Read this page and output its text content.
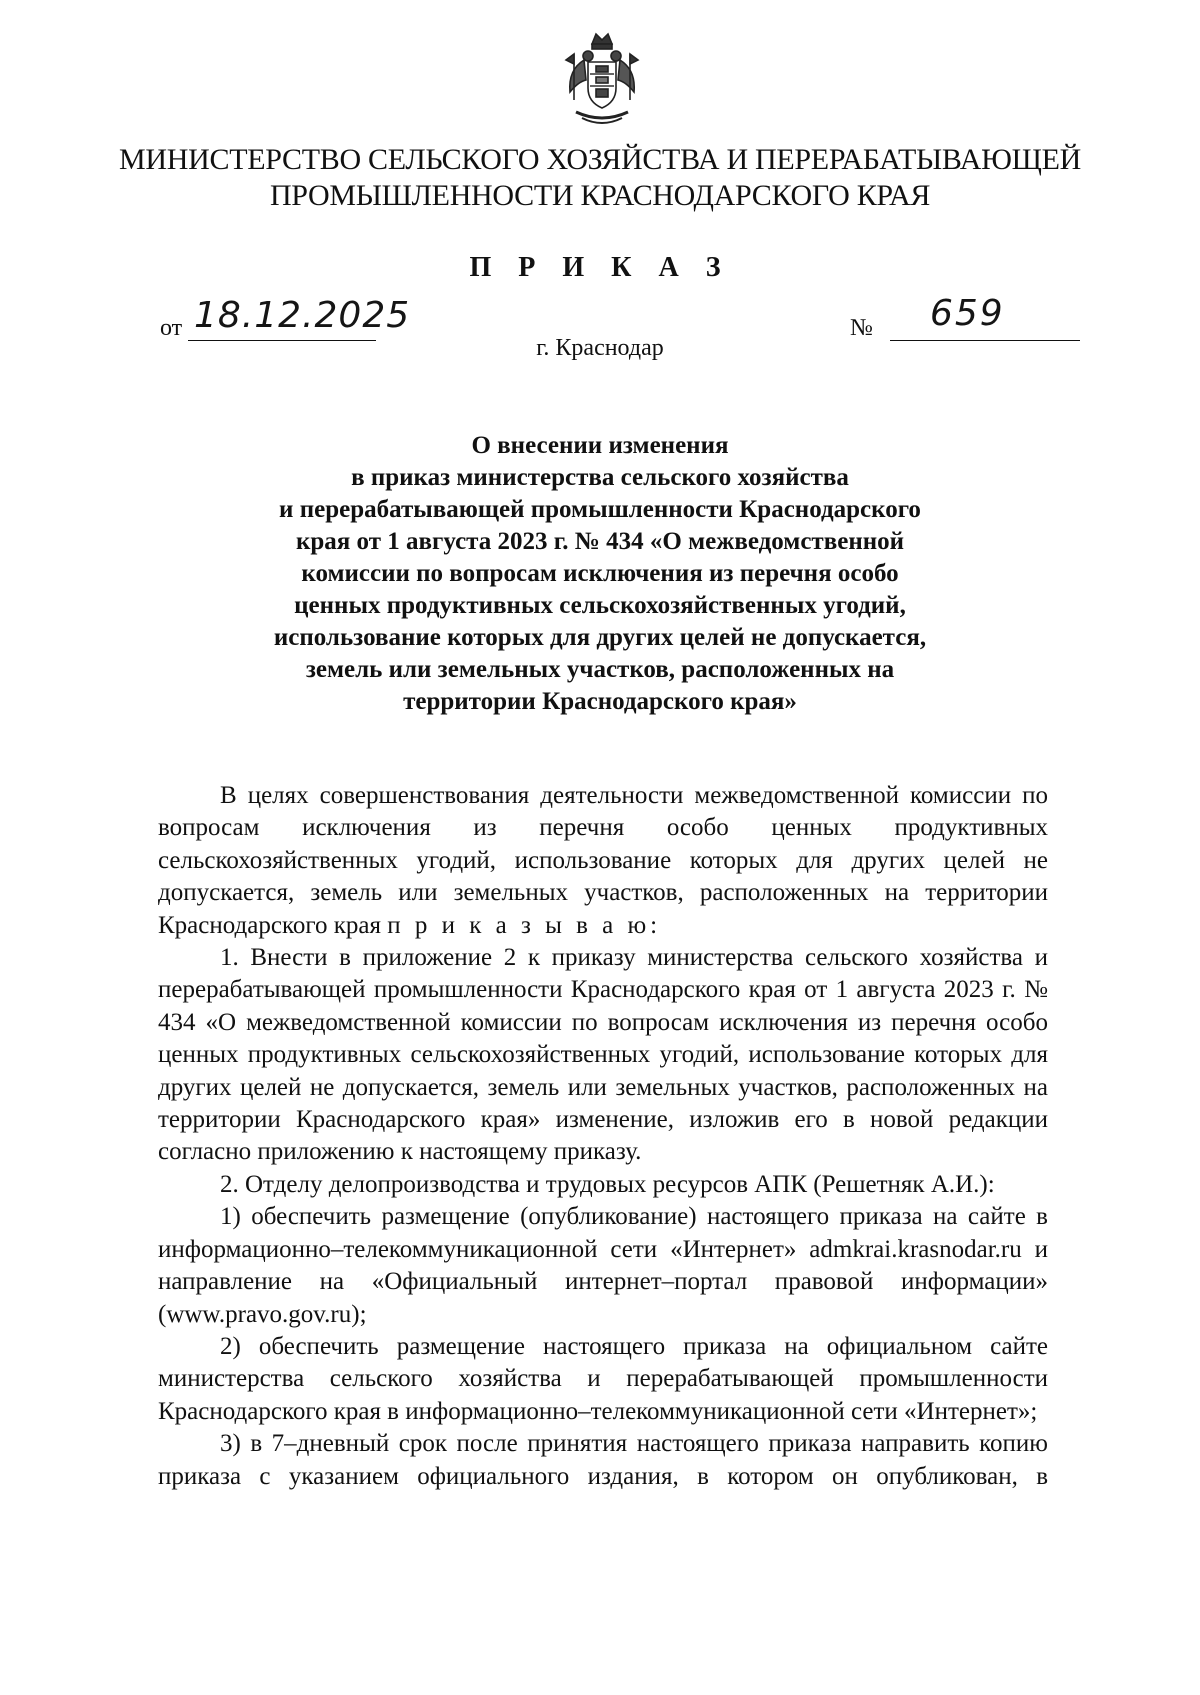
МИНИСТЕРСТВО СЕЛЬСКОГО ХОЗЯЙСТВА И ПЕРЕРАБАТЫВАЮЩЕЙ
ПРОМЫШЛЕННОСТИ КРАСНОДАРСКОГО КРАЯ
П Р И К А З
от 18.12.2025	№ 659
г. Краснодар
О внесении изменения
в приказ министерства сельского хозяйства
и перерабатывающей промышленности Краснодарского
края от 1 августа 2023 г. № 434 «О межведомственной
комиссии по вопросам исключения из перечня особо
ценных продуктивных сельскохозяйственных угодий,
использование которых для других целей не допускается,
земель или земельных участков, расположенных на
территории Краснодарского края»

В целях совершенствования деятельности межведомственной комиссии по вопросам исключения из перечня особо ценных продуктивных сельскохозяйственных угодий, использование которых для других целей не допускается, земель или земельных участков, расположенных на территории Краснодарского края п р и к а з ы в а ю:

1. Внести в приложение 2 к приказу министерства сельского хозяйства и перерабатывающей промышленности Краснодарского края от 1 августа 2023 г. № 434 «О межведомственной комиссии по вопросам исключения из перечня особо ценных продуктивных сельскохозяйственных угодий, использование которых для других целей не допускается, земель или земельных участков, расположенных на территории Краснодарского края» изменение, изложив его в новой редакции согласно приложению к настоящему приказу.

2. Отделу делопроизводства и трудовых ресурсов АПК (Решетняк А.И.):

1) обеспечить размещение (опубликование) настоящего приказа на сайте в информационно–телекоммуникационной сети «Интернет» admkrai.krasnodar.ru и направление на «Официальный интернет–портал правовой информации» (www.pravo.gov.ru);

2) обеспечить размещение настоящего приказа на официальном сайте министерства сельского хозяйства и перерабатывающей промышленности Краснодарского края в информационно–телекоммуникационной сети «Интернет»;

3) в 7–дневный срок после принятия настоящего приказа направить копию приказа с указанием официального издания, в котором он опубликован, в
